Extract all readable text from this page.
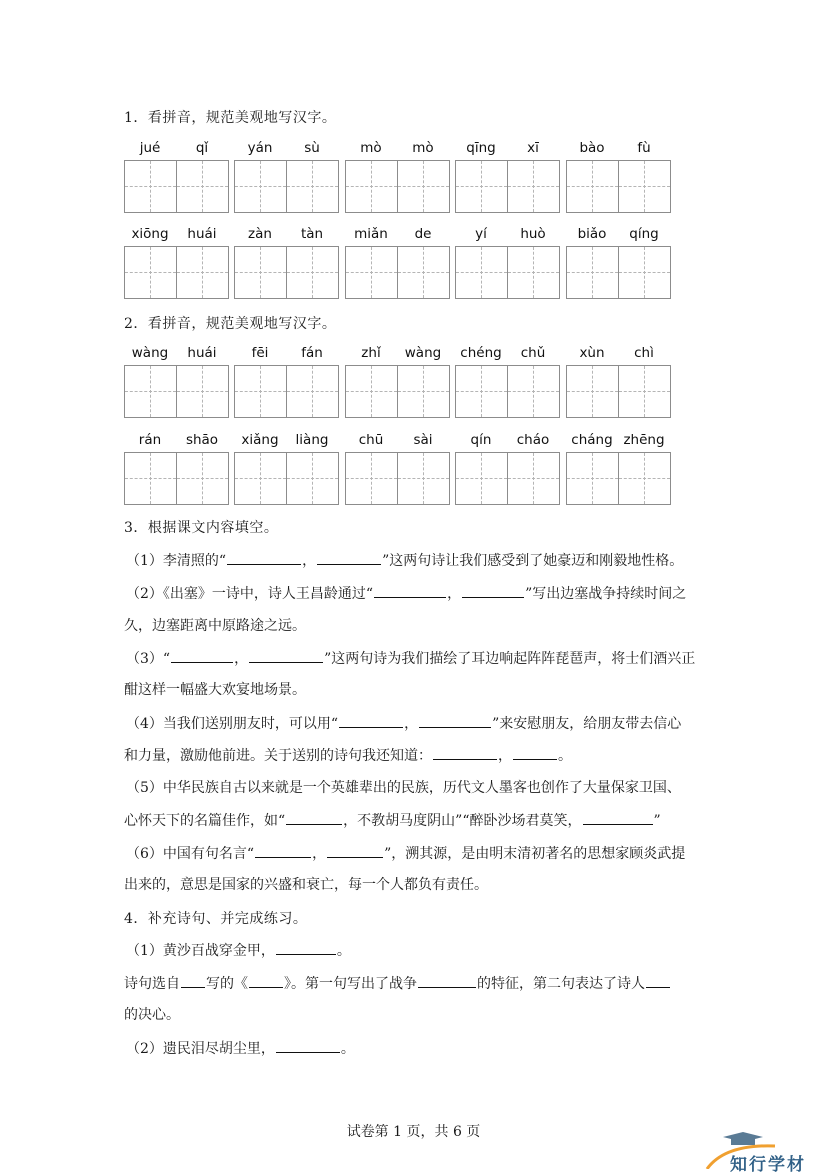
1．看拼音，规范美观地写汉字。
jué	qǐ	yán	sù	mò	mò	qīng	xī	bào	fù
xiōng	huái	zàn	tàn	miǎn	de	yí	huò	biǎo	qíng
2．看拼音，规范美观地写汉字。
wàng	huái	fēi	fán	zhǐ	wàng	chéng	chǔ	xùn	chì
rán	shāo	xiǎng	liàng	chū	sài	qín	cháo	cháng zhēng
3．根据课文内容填空。
（1）李清照的“	，	”这两句诗让我们感受到了她豪迈和刚毅地性格。
（2）《出塞》一诗中，诗人王昌龄通过“	，	”写出边塞战争持续时间之
久，边塞距离中原路途之远。
（3）“	，	”这两句诗为我们描绘了耳边响起阵阵琵琶声，将士们酒兴正
酣这样一幅盛大欢宴地场景。
（4）当我们送别朋友时，可以用“	，	”来安慰朋友，给朋友带去信心
和力量，激励他前进。关于送别的诗句我还知道：	，	。
（5）中华民族自古以来就是一个英雄辈出的民族，历代文人墨客也创作了大量保家卫国、
心怀天下的名篇佳作，如“	，不教胡马度阴山”“醉卧沙场君莫笑，	”
（6）中国有句名言“	，	”，溯其源，是由明末清初著名的思想家顾炎武提
出来的，意思是国家的兴盛和衰亡，每一个人都负有责任。
4．补充诗句、并完成练习。
（1）黄沙百战穿金甲，	。
诗句选自 写的《	》。第一句写出了战争	的特征，第二句表达了诗人
的决心。
（2）遗民泪尽胡尘里，	。
试卷第 1 页，共 6 页
知行学材
